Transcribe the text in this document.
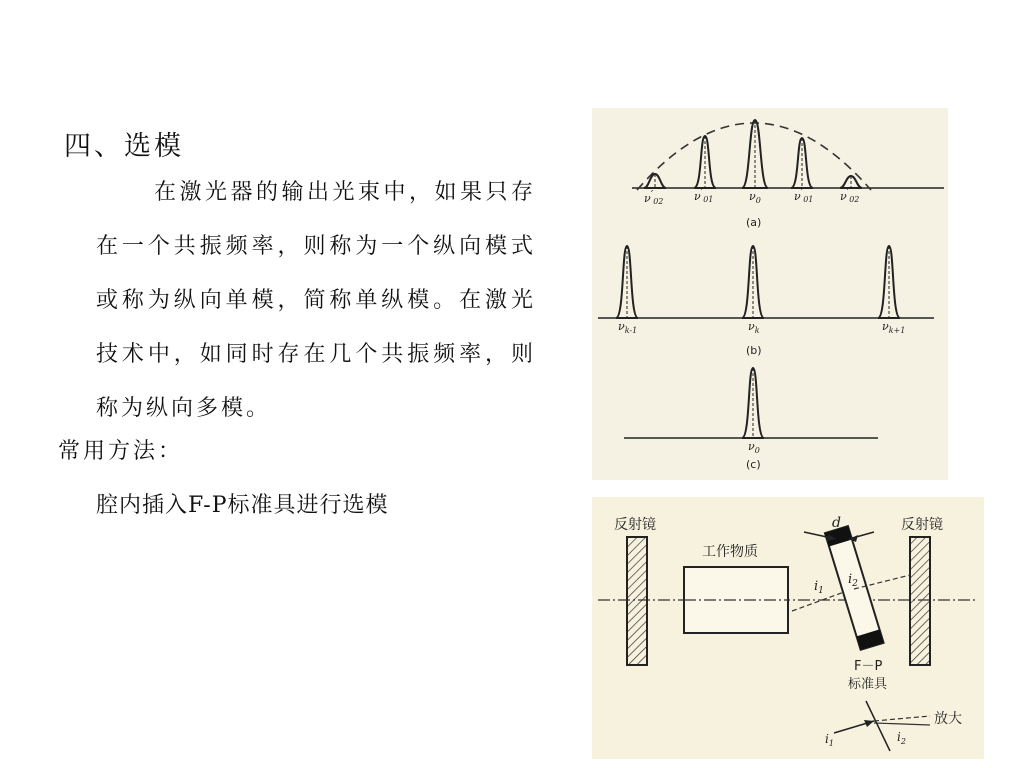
四、选模
在激光器的输出光束中，如果只存在一个共振频率，则称为一个纵向模式或称为纵向单模，简称单纵模。在激光技术中，如同时存在几个共振频率，则称为纵向多模。
常用方法：
腔内插入F-P标准具进行选模
$\nu'_{02}$	$\nu'_{01}$	$\nu_0$	$\nu'_{01}$ $\nu'_{02}$
(a)
$\nu_{k-1}$	$\nu_k$	$\nu_{k+1}$
(b)
$\nu_0$
(c)
反射镜	反射镜
工作物质
d
$i_1$
$i_2$
F－P
标准具
$i_1$	$i_2$
放大
